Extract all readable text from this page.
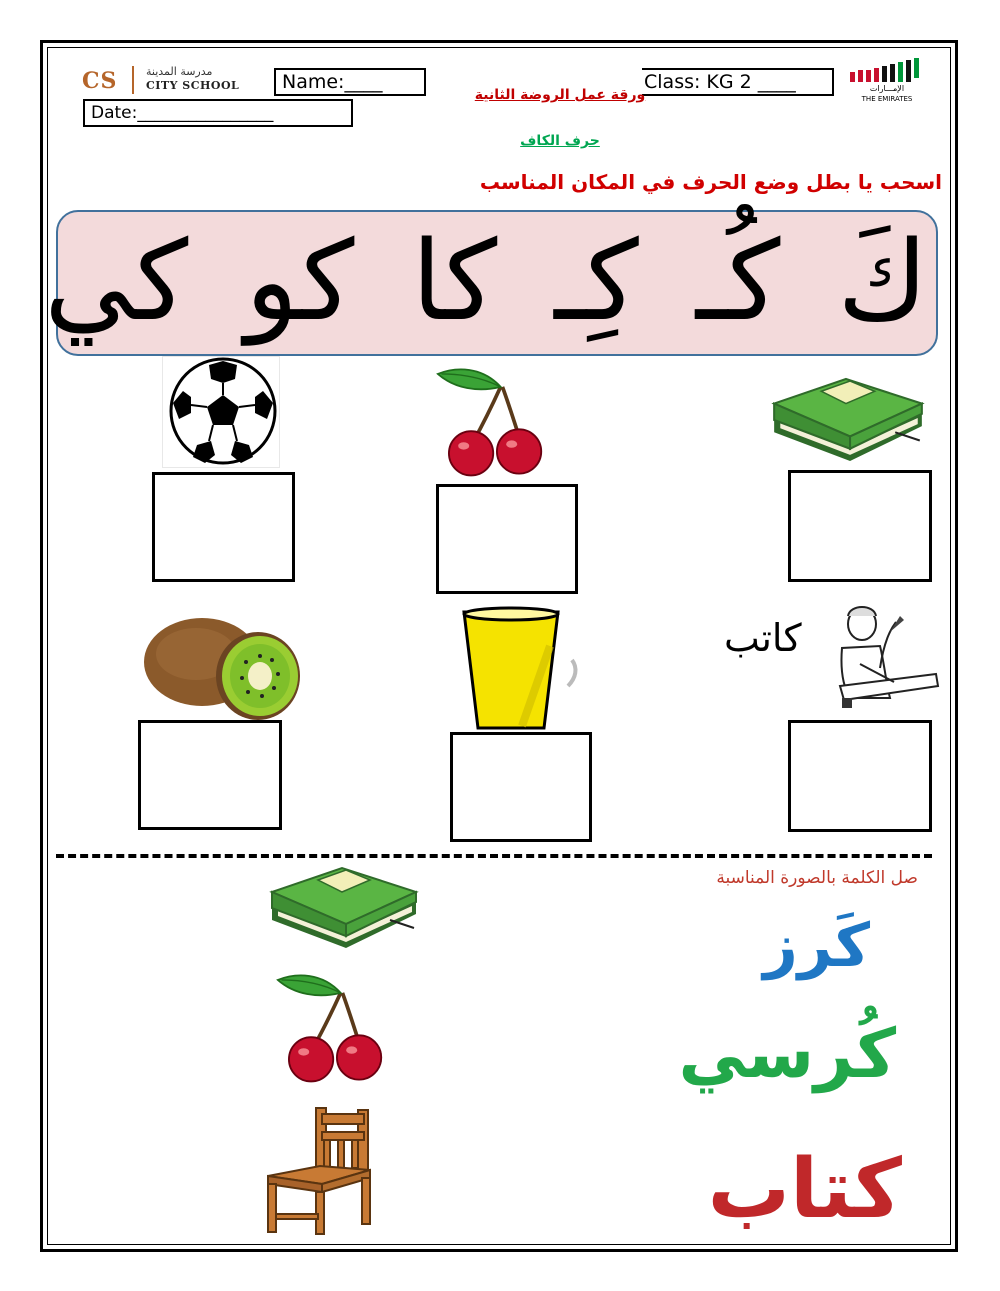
CS	مدرسة المدينة
CITY SCHOOL	Name:____	Class: KG 2 ____
Date:________________
ورقة عمل الروضة الثانية	الإمـــارات
THE EMIRATES
حرف الكاف
اسحب يا بطل وضع الحرف في المكان المناسب
كَ كُـ كِـ كا كو كي
كاتب
صل الكلمة بالصورة المناسبة
كَرز
كُرسي
كتاب
